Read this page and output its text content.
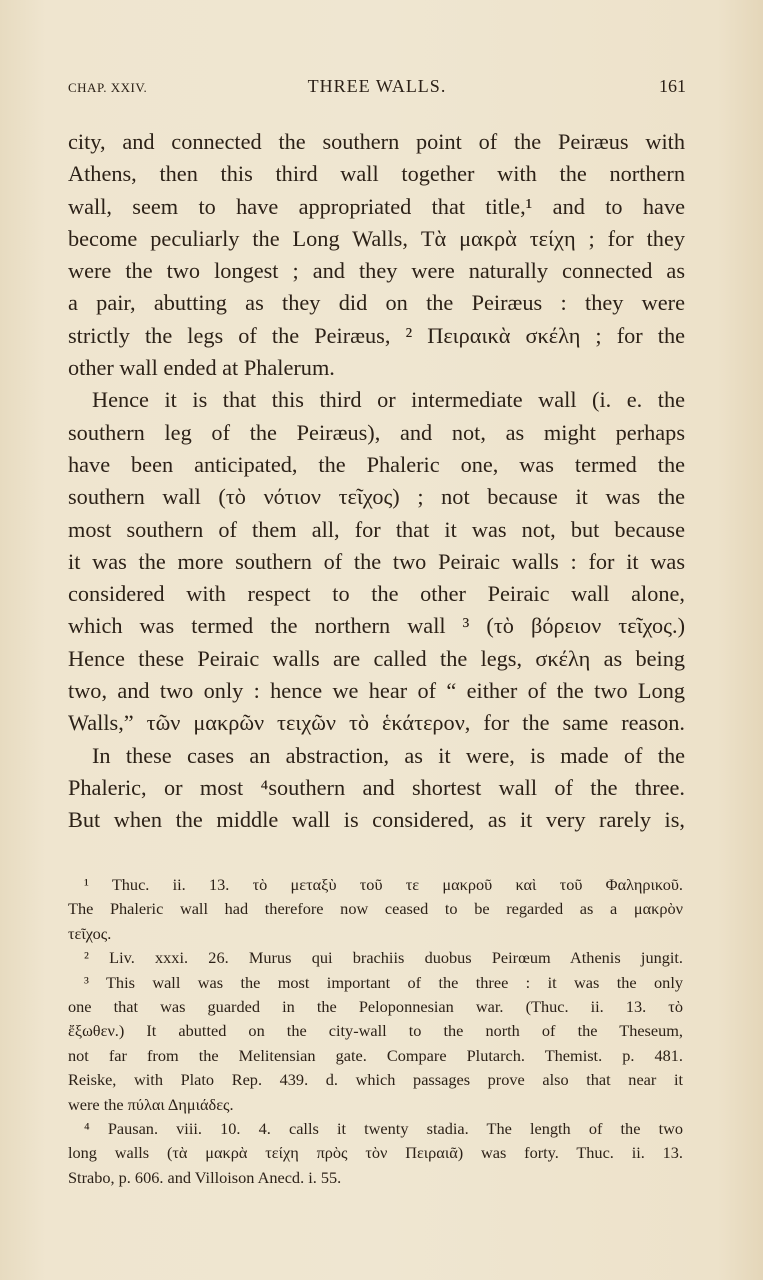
CHAP. XXIV.	THREE WALLS.	161
city, and connected the southern point of the Peiræus with
Athens, then this third wall together with the northern
wall, seem to have appropriated that title,¹ and to have
become peculiarly the Long Walls, Τὰ μακρὰ τείχη ; for they
were the two longest ; and they were naturally connected as
a pair, abutting as they did on the Peiræus : they were
strictly the legs of the Peiræus, ² Πειραικὰ σκέλη ; for the
other wall ended at Phalerum.
Hence it is that this third or intermediate wall (i. e. the
southern leg of the Peiræus), and not, as might perhaps
have been anticipated, the Phaleric one, was termed the
southern wall (τὸ νότιον τεῖχος) ; not because it was the
most southern of them all, for that it was not, but because
it was the more southern of the two Peiraic walls : for it was
considered with respect to the other Peiraic wall alone,
which was termed the northern wall ³ (τὸ βόρειον τεῖχος.)
Hence these Peiraic walls are called the legs, σκέλη as being
two, and two only : hence we hear of “ either of the two Long
Walls,” τῶν μακρῶν τειχῶν τὸ ἑκάτερον, for the same reason.
In these cases an abstraction, as it were, is made of the
Phaleric, or most ⁴southern and shortest wall of the three.
But when the middle wall is considered, as it very rarely is,
¹ Thuc. ii. 13. τὸ μεταξὺ τοῦ τε μακροῦ καὶ τοῦ Φαληρικοῦ.
The Phaleric wall had therefore now ceased to be regarded as a μακρὸν
τεῖχος.
² Liv. xxxi. 26. Murus qui brachiis duobus Peirœum Athenis jungit.
³ This wall was the most important of the three : it was the only
one that was guarded in the Peloponnesian war. (Thuc. ii. 13. τὸ
ἔξωθεν.) It abutted on the city-wall to the north of the Theseum,
not far from the Melitensian gate. Compare Plutarch. Themist. p. 481.
Reiske, with Plato Rep. 439. d. which passages prove also that near it
were the πύλαι Δημιάδες.
⁴ Pausan. viii. 10. 4. calls it twenty stadia. The length of the two
long walls (τὰ μακρὰ τείχη πρὸς τὸν Πειραιᾶ) was forty. Thuc. ii. 13.
Strabo, p. 606. and Villoison Anecd. i. 55.
